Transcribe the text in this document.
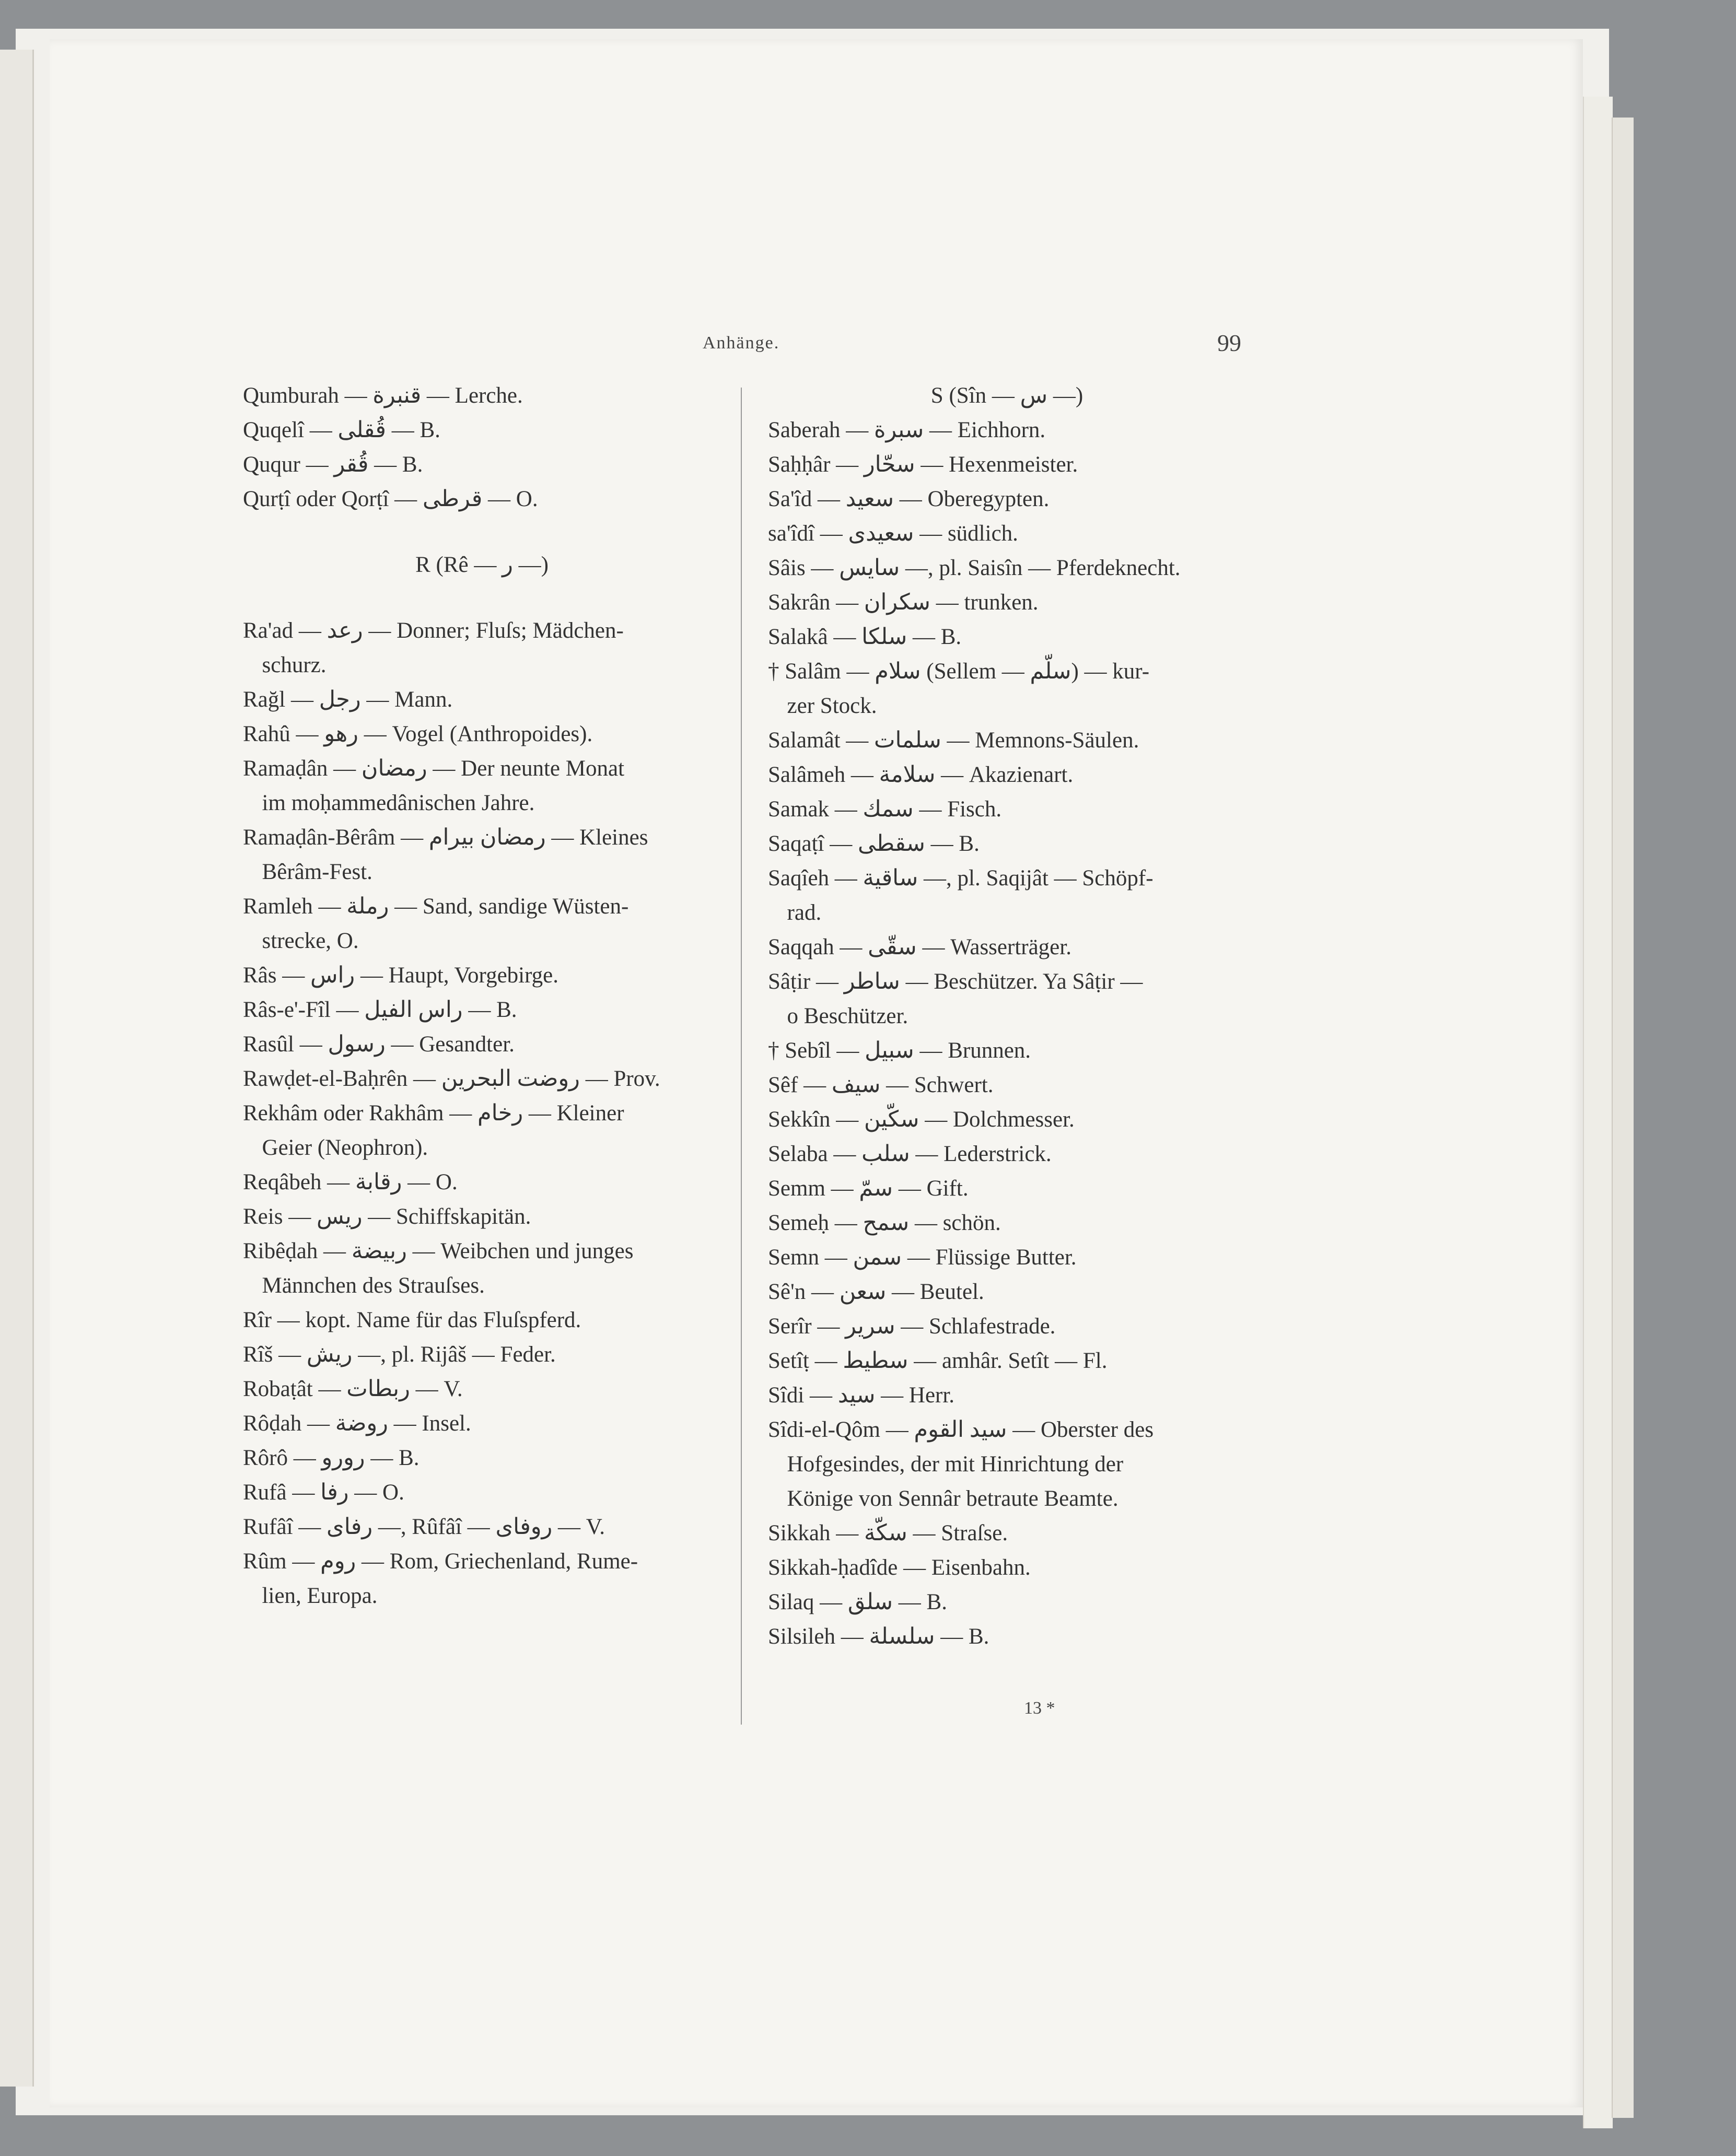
Anhänge.	99
Qumburah — قنبرة — Lerche.
Quqelî — قُقلى — B.
Ququr — قُقر — B.
Qurṭî oder Qorṭî — قرطى — O.
R (Rê — ر —)
Ra'ad — رعد — Donner; Fluſs; Mädchen-
schurz.
Rağl — رجل — Mann.
Rahû — رهو — Vogel (Anthropoides).
Ramaḍân — رمضان — Der neunte Monat
im moḥammedânischen Jahre.
Ramaḍân-Bêrâm — رمضان بيرام — Kleines
Bêrâm-Fest.
Ramleh — رملة — Sand, sandige Wüsten-
strecke, O.
Râs — راس — Haupt, Vorgebirge.
Râs-e'-Fîl — راس الفيل — B.
Rasûl — رسول — Gesandter.
Rawḍet-el-Baḥrên — روضت البحرين — Prov.
Rekhâm oder Rakhâm — رخام — Kleiner
Geier (Neophron).
Reqâbeh — رقابة — O.
Reis — ريس — Schiffskapitän.
Ribêḍah — ربيضة — Weibchen und junges
Männchen des Strauſses.
Rîr — kopt. Name für das Fluſspferd.
Rîš — ريش —, pl. Rijâš — Feder.
Robaṭât — ربطات — V.
Rôḍah — روضة — Insel.
Rôrô — رورو — B.
Rufâ — رفا — O.
Rufâî — رفاى —, Rûfâî — روفاى — V.
Rûm — روم — Rom, Griechenland, Rume-
lien, Europa.
S (Sîn — س —)
Saberah — سبرة — Eichhorn.
Saḥḥâr — سحّار — Hexenmeister.
Sa'îd — سعيد — Oberegypten.
sa'îdî — سعيدى — südlich.
Sâis — سايس —, pl. Saisîn — Pferdeknecht.
Sakrân — سكران — trunken.
Salakâ — سلكا — B.
† Salâm — سلام (Sellem — سلّم) — kur-
zer Stock.
Salamât — سلمات — Memnons-Säulen.
Salâmeh — سلامة — Akazienart.
Samak — سمك — Fisch.
Saqaṭî — سقطى — B.
Saqîeh — ساقية —, pl. Saqijât — Schöpf-
rad.
Saqqah — سقّى — Wasserträger.
Sâṭir — ساطر — Beschützer. Ya Sâṭir —
o Beschützer.
† Sebîl — سبيل — Brunnen.
Sêf — سيف — Schwert.
Sekkîn — سكّين — Dolchmesser.
Selaba — سلب — Lederstrick.
Semm — سمّ — Gift.
Semeḥ — سمح — schön.
Semn — سمن — Flüssige Butter.
Sê'n — سعن — Beutel.
Serîr — سرير — Schlafestrade.
Setîṭ — سطيط — amhâr. Setît — Fl.
Sîdi — سيد — Herr.
Sîdi-el-Qôm — سيد القوم — Oberster des
Hofgesindes, der mit Hinrichtung der
Könige von Sennâr betraute Beamte.
Sikkah — سكّة — Straſse.
Sikkah-ḥadîde — Eisenbahn.
Silaq — سلق — B.
Silsileh — سلسلة — B.
13 *
